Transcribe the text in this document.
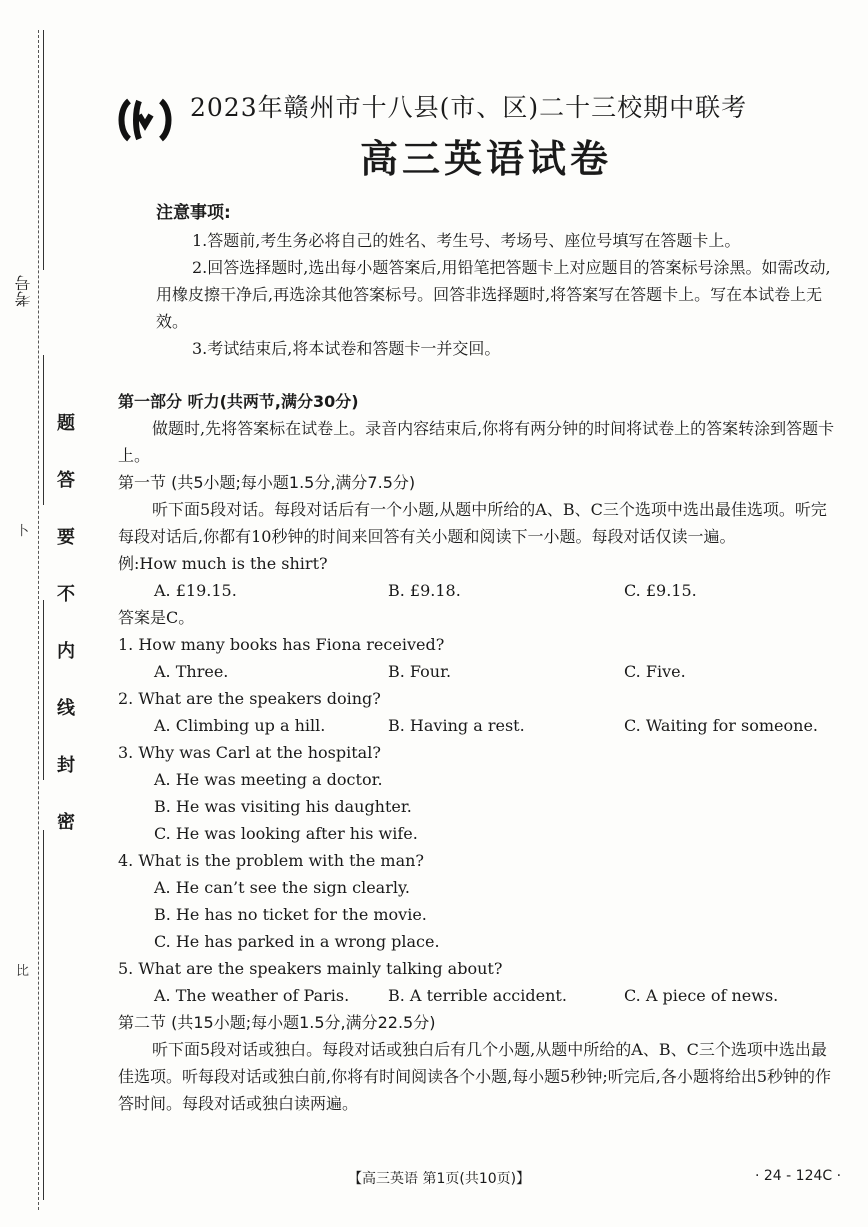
考号
卜
比
题
答
要
不
内
线
封
密
2023年赣州市十八县(市、区)二十三校期中联考
高三英语试卷
注意事项:

1.答题前,考生务必将自己的姓名、考生号、考场号、座位号填写在答题卡上。

2.回答选择题时,选出每小题答案后,用铅笔把答题卡上对应题目的答案标号涂黑。如需改动,用橡皮擦干净后,再选涂其他答案标号。回答非选择题时,将答案写在答题卡上。写在本试卷上无效。

3.考试结束后,将本试卷和答题卡一并交回。

第一部分 听力(共两节,满分30分)

做题时,先将答案标在试卷上。录音内容结束后,你将有两分钟的时间将试卷上的答案转涂到答题卡上。

第一节 (共5小题;每小题1.5分,满分7.5分)

听下面5段对话。每段对话后有一个小题,从题中所给的A、B、C三个选项中选出最佳选项。听完每段对话后,你都有10秒钟的时间来回答有关小题和阅读下一小题。每段对话仅读一遍。

例:How much is the shirt?
A. £19.15.	B. £9.18.	C. £9.15.
答案是C。
1. How many books has Fiona received?
A. Three.	B. Four.	C. Five.
2. What are the speakers doing?
A. Climbing up a hill.	B. Having a rest.	C. Waiting for someone.
3. Why was Carl at the hospital?
A. He was meeting a doctor.
B. He was visiting his daughter.
C. He was looking after his wife.
4. What is the problem with the man?
A. He can’t see the sign clearly.
B. He has no ticket for the movie.
C. He has parked in a wrong place.
5. What are the speakers mainly talking about?
A. The weather of Paris.	B. A terrible accident.	C. A piece of news.
第二节 (共15小题;每小题1.5分,满分22.5分)

听下面5段对话或独白。每段对话或独白后有几个小题,从题中所给的A、B、C三个选项中选出最佳选项。听每段对话或独白前,你将有时间阅读各个小题,每小题5秒钟;听完后,各小题将给出5秒钟的作答时间。每段对话或独白读两遍。

【高三英语 第1页(共10页)】	· 24 - 124C ·
